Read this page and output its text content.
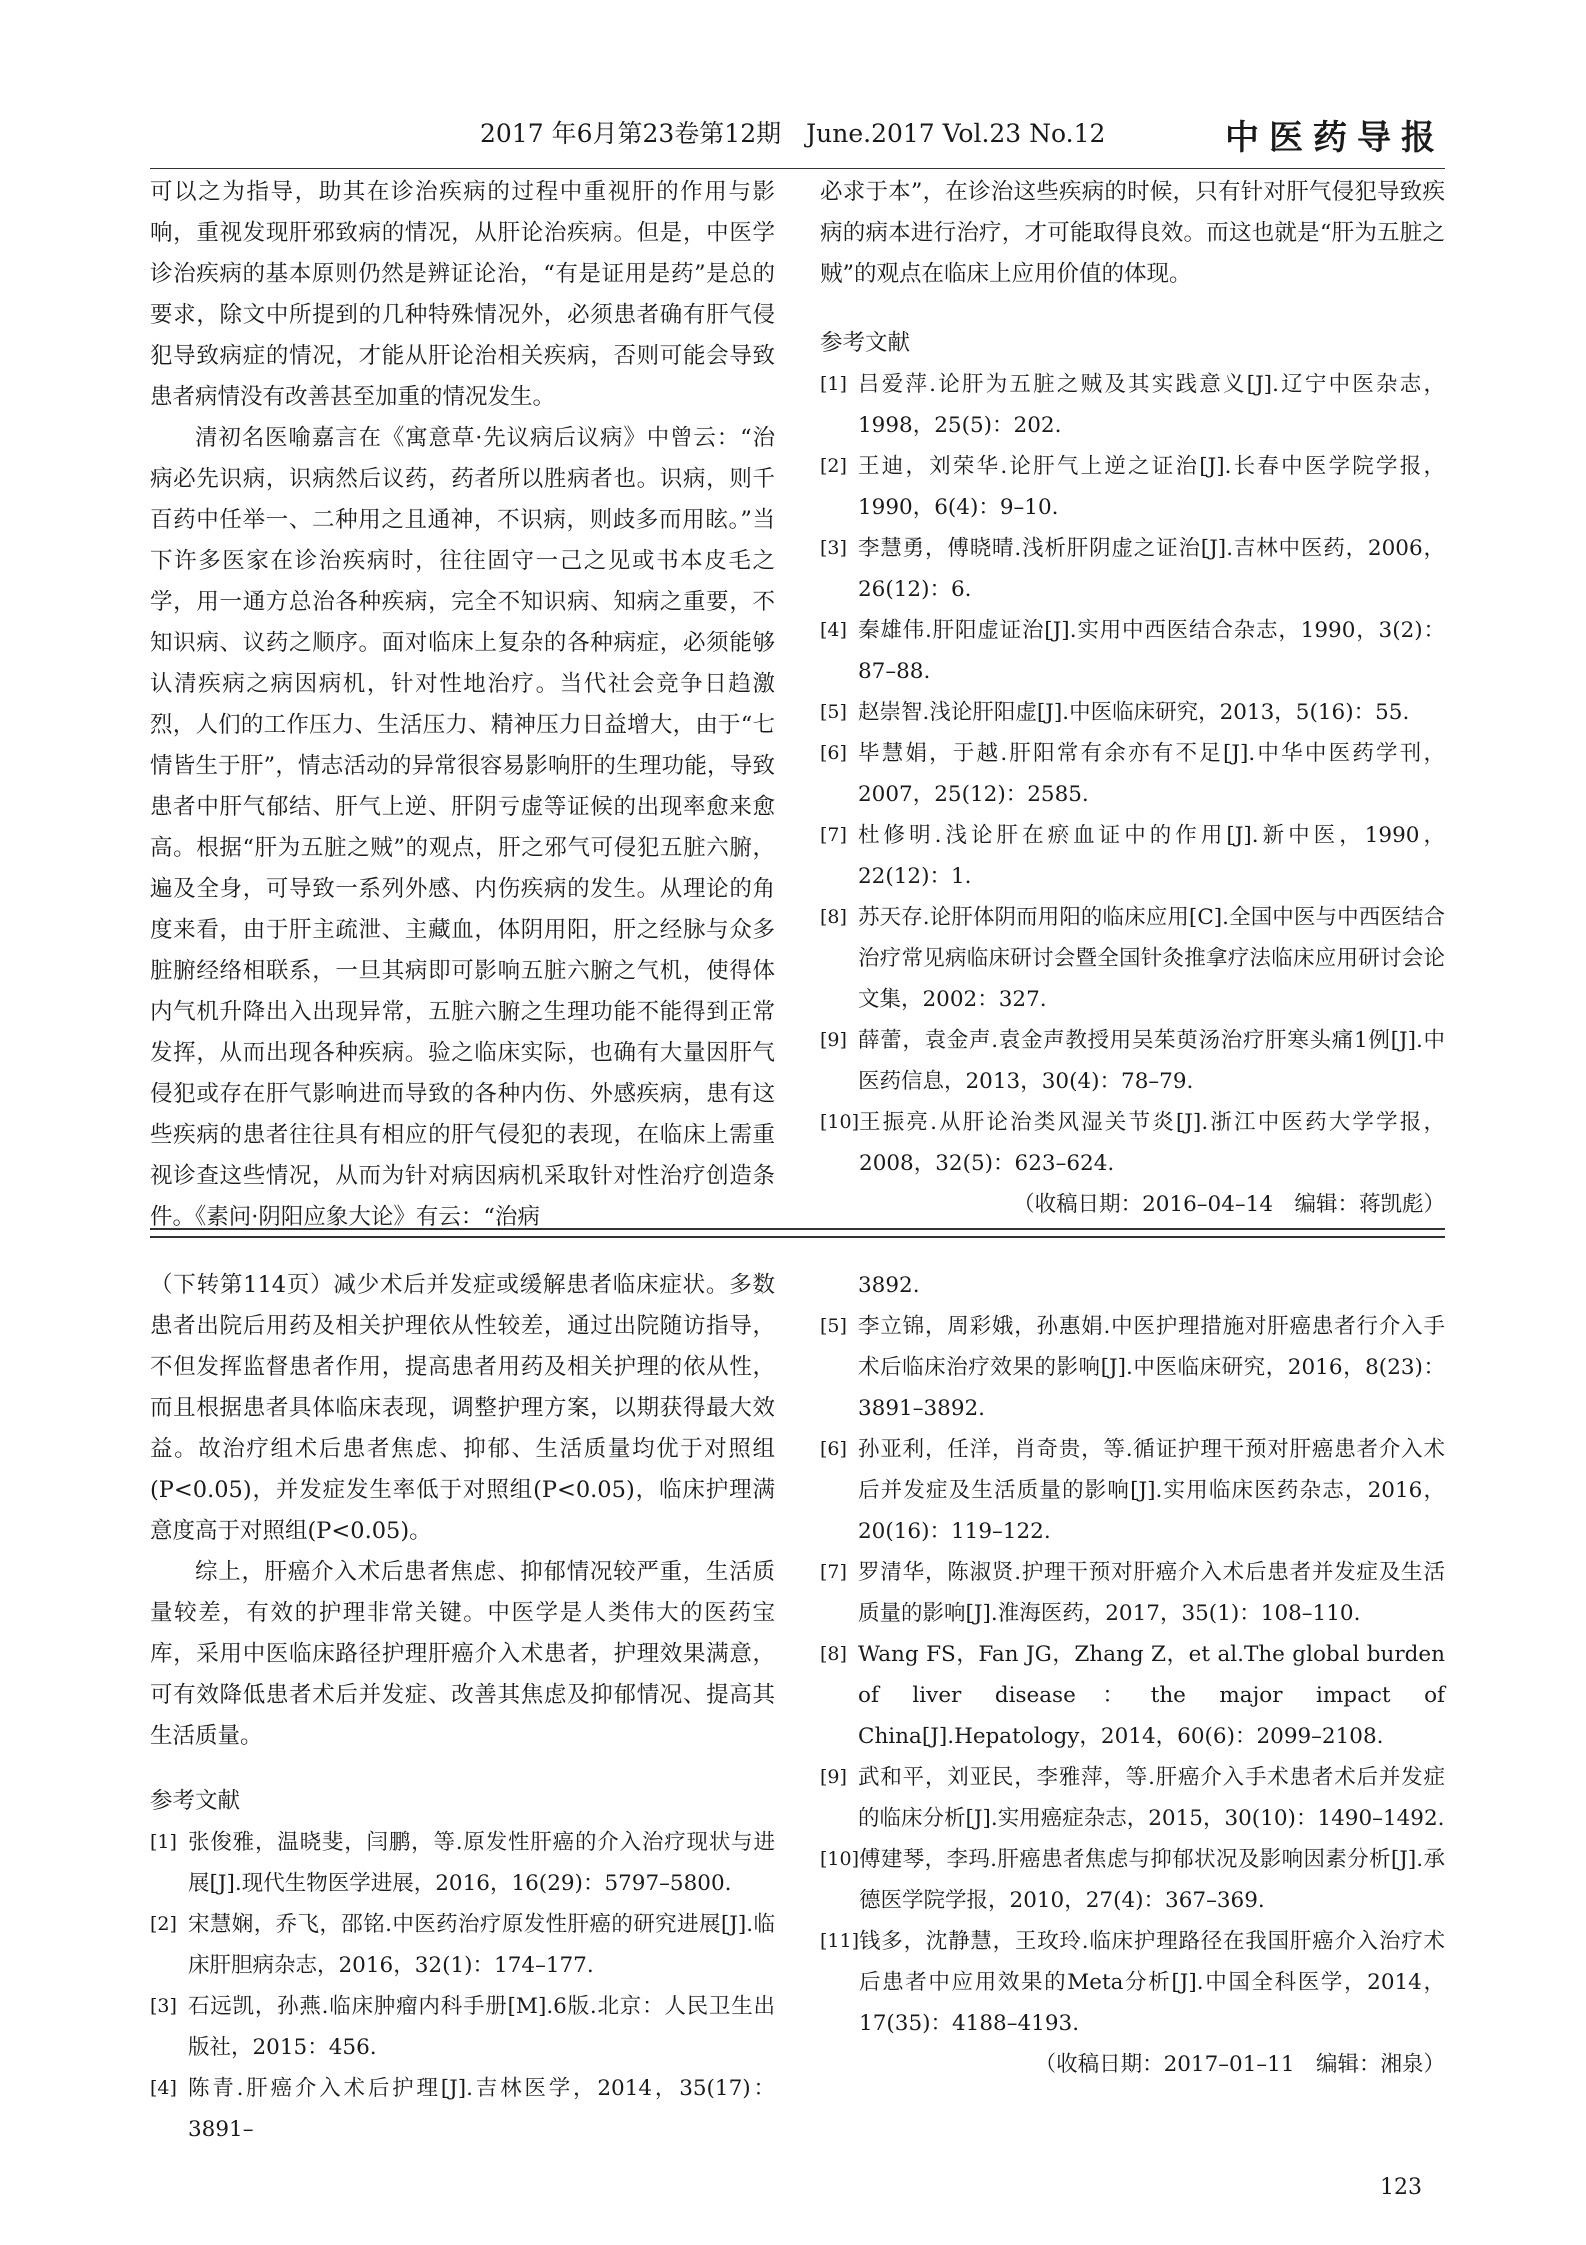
2017 年6月第23卷第12期　June.2017 Vol.23 No.12	中医药导报

可以之为指导，助其在诊治疾病的过程中重视肝的作用与影响，重视发现肝邪致病的情况，从肝论治疾病。但是，中医学诊治疾病的基本原则仍然是辨证论治，“有是证用是药”是总的要求，除文中所提到的几种特殊情况外，必须患者确有肝气侵犯导致病症的情况，才能从肝论治相关疾病，否则可能会导致患者病情没有改善甚至加重的情况发生。

清初名医喻嘉言在《寓意草·先议病后议病》中曾云：“治病必先识病，识病然后议药，药者所以胜病者也。识病，则千百药中任举一、二种用之且通神，不识病，则歧多而用眩。”当下许多医家在诊治疾病时，往往固守一己之见或书本皮毛之学，用一通方总治各种疾病，完全不知识病、知病之重要，不知识病、议药之顺序。面对临床上复杂的各种病症，必须能够认清疾病之病因病机，针对性地治疗。当代社会竞争日趋激烈，人们的工作压力、生活压力、精神压力日益增大，由于“七情皆生于肝”，情志活动的异常很容易影响肝的生理功能，导致患者中肝气郁结、肝气上逆、肝阴亏虚等证候的出现率愈来愈高。根据“肝为五脏之贼”的观点，肝之邪气可侵犯五脏六腑，遍及全身，可导致一系列外感、内伤疾病的发生。从理论的角度来看，由于肝主疏泄、主藏血，体阴用阳，肝之经脉与众多脏腑经络相联系，一旦其病即可影响五脏六腑之气机，使得体内气机升降出入出现异常，五脏六腑之生理功能不能得到正常发挥，从而出现各种疾病。验之临床实际，也确有大量因肝气侵犯或存在肝气影响进而导致的各种内伤、外感疾病，患有这些疾病的患者往往具有相应的肝气侵犯的表现，在临床上需重视诊查这些情况，从而为针对病因病机采取针对性治疗创造条件。《素问·阴阳应象大论》有云：“治病

必求于本”，在诊治这些疾病的时候，只有针对肝气侵犯导致疾病的病本进行治疗，才可能取得良效。而这也就是“肝为五脏之贼”的观点在临床上应用价值的体现。

参考文献

[1] 吕爱萍.论肝为五脏之贼及其实践意义[J].辽宁中医杂志，1998，25(5)：202.
[2] 王迪，刘荣华.论肝气上逆之证治[J].长春中医学院学报，1990，6(4)：9–10.
[3] 李慧勇，傅晓晴.浅析肝阴虚之证治[J].吉林中医药，2006，26(12)：6.
[4] 秦雄伟.肝阳虚证治[J].实用中西医结合杂志，1990，3(2)：87–88.
[5] 赵崇智.浅论肝阳虚[J].中医临床研究，2013，5(16)：55.
[6] 毕慧娟，于越.肝阳常有余亦有不足[J].中华中医药学刊，2007，25(12)：2585.
[7] 杜修明.浅论肝在瘀血证中的作用[J].新中医，1990，22(12)：1.
[8] 苏天存.论肝体阴而用阳的临床应用[C].全国中医与中西医结合治疗常见病临床研讨会暨全国针灸推拿疗法临床应用研讨会论文集，2002：327.
[9] 薛蕾，袁金声.袁金声教授用吴茱萸汤治疗肝寒头痛1例[J].中医药信息，2013，30(4)：78–79.
[10] 王振亮.从肝论治类风湿关节炎[J].浙江中医药大学学报，2008，32(5)：623–624.
（收稿日期：2016–04–14　编辑：蒋凯彪）

（下转第114页）减少术后并发症或缓解患者临床症状。多数患者出院后用药及相关护理依从性较差，通过出院随访指导，不但发挥监督患者作用，提高患者用药及相关护理的依从性，而且根据患者具体临床表现，调整护理方案，以期获得最大效益。故治疗组术后患者焦虑、抑郁、生活质量均优于对照组(P<0.05)，并发症发生率低于对照组(P<0.05)，临床护理满意度高于对照组(P<0.05)。

综上，肝癌介入术后患者焦虑、抑郁情况较严重，生活质量较差，有效的护理非常关键。中医学是人类伟大的医药宝库，采用中医临床路径护理肝癌介入术患者，护理效果满意，可有效降低患者术后并发症、改善其焦虑及抑郁情况、提高其生活质量。

参考文献

[1] 张俊雅，温晓斐，闫鹏，等.原发性肝癌的介入治疗现状与进展[J].现代生物医学进展，2016，16(29)：5797–5800.
[2] 宋慧娴，乔飞，邵铭.中医药治疗原发性肝癌的研究进展[J].临床肝胆病杂志，2016，32(1)：174–177.
[3] 石远凯，孙燕.临床肿瘤内科手册[M].6版.北京：人民卫生出版社，2015：456.
[4] 陈青.肝癌介入术后护理[J].吉林医学，2014，35(17)：3891–
3892.
[5] 李立锦，周彩娥，孙惠娟.中医护理措施对肝癌患者行介入手术后临床治疗效果的影响[J].中医临床研究，2016，8(23)：3891–3892.
[6] 孙亚利，任洋，肖奇贵，等.循证护理干预对肝癌患者介入术后并发症及生活质量的影响[J].实用临床医药杂志，2016，20(16)：119–122.
[7] 罗清华，陈淑贤.护理干预对肝癌介入术后患者并发症及生活质量的影响[J].淮海医药，2017，35(1)：108–110.
[8] Wang FS，Fan JG，Zhang Z，et al.The global burden of liver disease：the major impact of China[J].Hepatology，2014，60(6)：2099–2108.
[9] 武和平，刘亚民，李雅萍，等.肝癌介入手术患者术后并发症的临床分析[J].实用癌症杂志，2015，30(10)：1490–1492.
[10] 傅建琴，李玛.肝癌患者焦虑与抑郁状况及影响因素分析[J].承德医学院学报，2010，27(4)：367–369.
[11] 钱多，沈静慧，王玫玲.临床护理路径在我国肝癌介入治疗术后患者中应用效果的Meta分析[J].中国全科医学，2014，17(35)：4188–4193.
（收稿日期：2017–01–11　编辑：湘泉）
123
